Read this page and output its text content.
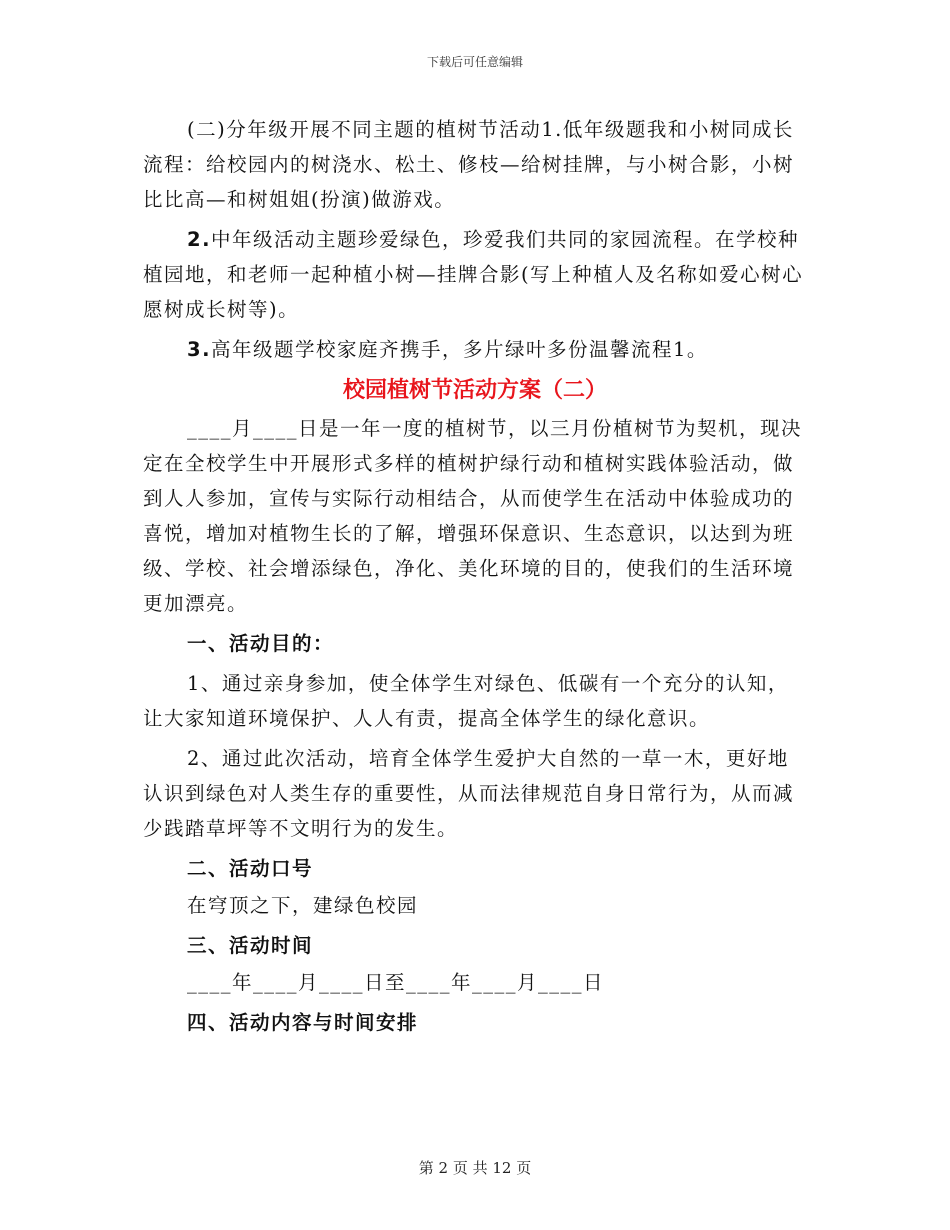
下载后可任意编辑

(二)分年级开展不同主题的植树节活动1.低年级题我和小树同成长流程：给校园内的树浇水、松土、修枝—给树挂牌，与小树合影，小树比比高—和树姐姐(扮演)做游戏。

2.中年级活动主题珍爱绿色，珍爱我们共同的家园流程。在学校种植园地，和老师一起种植小树—挂牌合影(写上种植人及名称如爱心树心愿树成长树等)。

3.高年级题学校家庭齐携手，多片绿叶多份温馨流程1。

校园植树节活动方案（二）

____月____日是一年一度的植树节，以三月份植树节为契机，现决定在全校学生中开展形式多样的植树护绿行动和植树实践体验活动，做到人人参加，宣传与实际行动相结合，从而使学生在活动中体验成功的喜悦，增加对植物生长的了解，增强环保意识、生态意识，以达到为班级、学校、社会增添绿色，净化、美化环境的目的，使我们的生活环境更加漂亮。

一、活动目的：

1、通过亲身参加，使全体学生对绿色、低碳有一个充分的认知，让大家知道环境保护、人人有责，提高全体学生的绿化意识。

2、通过此次活动，培育全体学生爱护大自然的一草一木，更好地认识到绿色对人类生存的重要性，从而法律规范自身日常行为，从而减少践踏草坪等不文明行为的发生。

二、活动口号

在穹顶之下，建绿色校园

三、活动时间

____年____月____日至____年____月____日

四、活动内容与时间安排

第 2 页 共 12 页
